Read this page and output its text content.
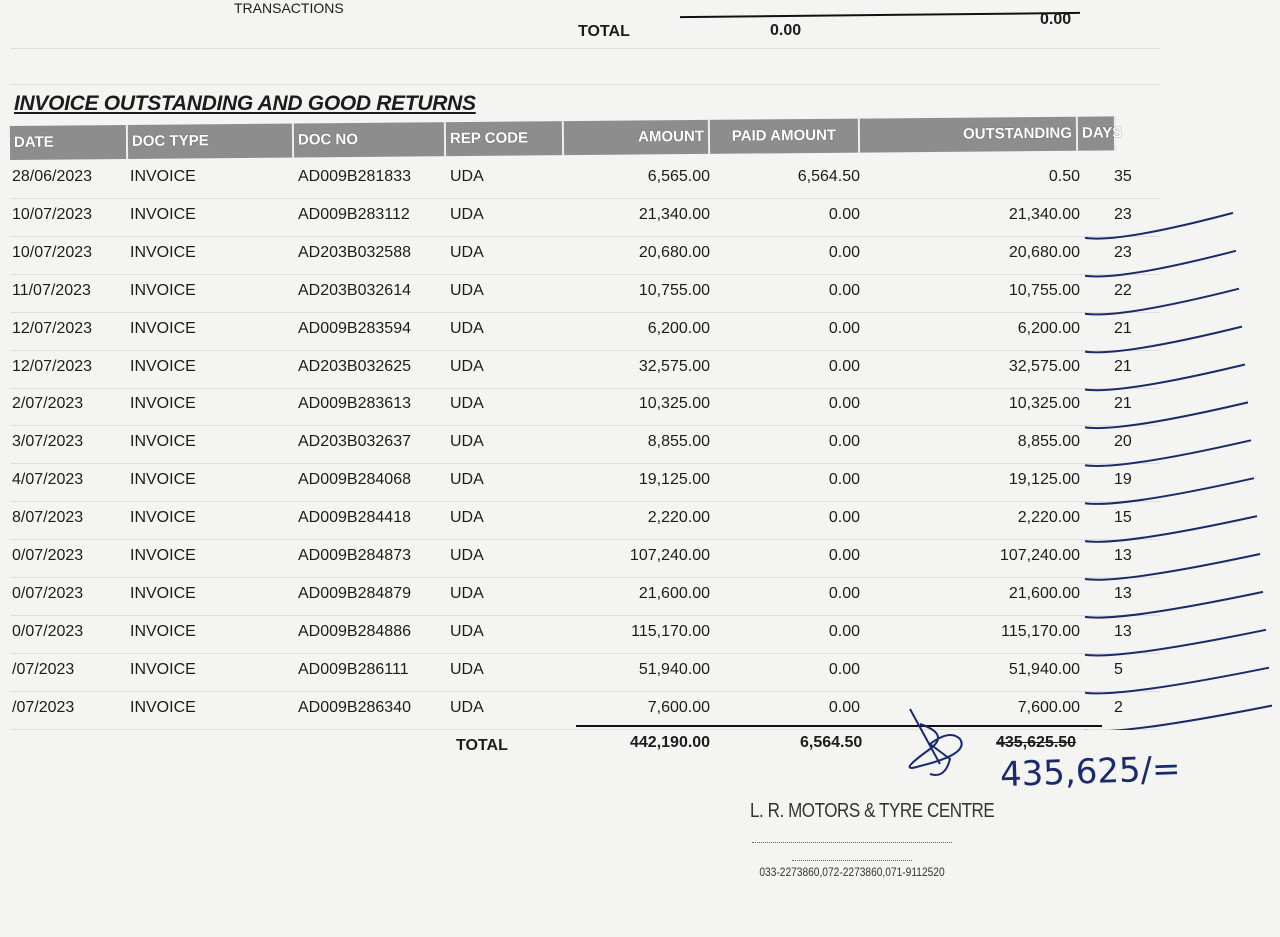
TRANSACTIONS
TOTAL	0.00
0.00
INVOICE OUTSTANDING AND GOOD RETURNS
DATE	DOC TYPE	DOC NO	REP CODE	AMOUNT	PAID AMOUNT	OUTSTANDING DAYS
28/06/2023 INVOICE	AD009B281833 UDA	6,565.00	6,564.50	0.50 35
10/07/2023 INVOICE	AD009B283112	UDA	21,340.00	0.00	21,340.00 23
10/07/2023 INVOICE	AD203B032588 UDA	20,680.00	0.00	20,680.00 23
11/07/2023 INVOICE	AD203B032614 UDA	10,755.00	0.00	10,755.00 22
12/07/2023 INVOICE	AD009B283594 UDA	6,200.00	0.00	6,200.00 21
12/07/2023 INVOICE	AD203B032625 UDA	32,575.00	0.00	32,575.00 21
2/07/2023	INVOICE	AD009B283613 UDA	10,325.00	0.00	10,325.00 21
3/07/2023	INVOICE	AD203B032637 UDA	8,855.00	0.00	8,855.00 20
4/07/2023	INVOICE	AD009B284068 UDA	19,125.00	0.00	19,125.00 19
8/07/2023	INVOICE	AD009B284418 UDA	2,220.00	0.00	2,220.00 15
0/07/2023	INVOICE	AD009B284873 UDA	107,240.00	0.00	107,240.00 13
0/07/2023	INVOICE	AD009B284879 UDA	21,600.00	0.00	21,600.00 13
0/07/2023	INVOICE	AD009B284886 UDA	115,170.00	0.00	115,170.00 13
/07/2023	INVOICE	AD009B286111	UDA	51,940.00	0.00	51,940.00 5
/07/2023	INVOICE	AD009B286340 UDA	7,600.00	0.00	7,600.00 2
TOTAL	442,190.00	6,564.50	435,625.50
435,625/=
L. R. MOTORS & TYRE CENTRE
033-2273860,072-2273860,071-9112520
